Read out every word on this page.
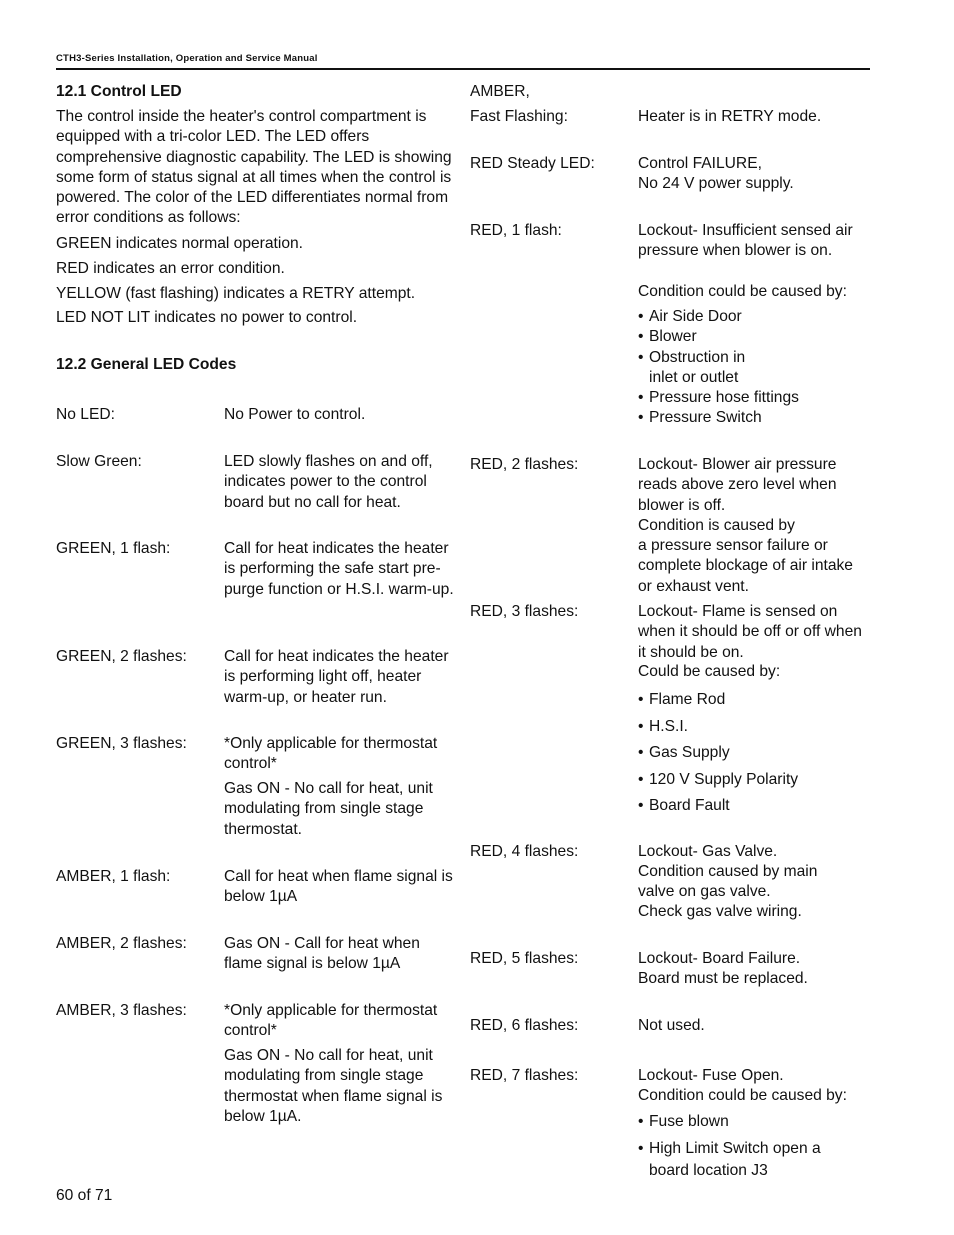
CTH3-Series Installation, Operation and Service Manual
12.1 Control LED
The control inside the heater's control compartment is equipped with a tri-color LED. The LED offers comprehensive diagnostic capability. The LED is showing some form of status signal at all times when the control is powered. The color of the LED differentiates normal from error conditions as follows:
GREEN indicates normal operation.
RED indicates an error condition.
YELLOW (fast flashing) indicates a RETRY attempt.
LED NOT LIT indicates no power to control.
12.2 General LED Codes
No LED:	No Power to control.
Slow Green:	LED slowly flashes on and off, indicates power to the control board but no call for heat.
GREEN, 1 flash:	Call for heat indicates the heater is performing the safe start pre-purge function or H.S.I. warm-up.
GREEN, 2 flashes: Call for heat indicates the heater is performing light off, heater warm-up, or heater run.
GREEN, 3 flashes: *Only applicable for thermostat control*
Gas ON - No call for heat, unit modulating from single stage thermostat.
AMBER, 1 flash:	Call for heat when flame signal is below 1µA
AMBER, 2 flashes: Gas ON - Call for heat when flame signal is below 1µA
AMBER, 3 flashes: *Only applicable for thermostat control*
Gas ON - No call for heat, unit modulating from single stage thermostat when flame signal is below 1µA.
AMBER,
Fast Flashing:	Heater is in RETRY mode.
RED Steady LED:	Control FAILURE,
No 24 V power supply.
RED, 1 flash:	Lockout- Insufficient sensed air pressure when blower is on.
Condition could be caused by:
• Air Side Door
• Blower
• Obstruction in inlet or outlet
• Pressure hose fittings
• Pressure Switch
RED, 2 flashes:	Lockout- Blower air pressure reads above zero level when blower is off.
Condition is caused by
a pressure sensor failure or complete blockage of air intake or exhaust vent.
RED, 3 flashes:	Lockout- Flame is sensed on when it should be off or off when it should be on.
Could be caused by:
• Flame Rod
• H.S.I.
• Gas Supply
• 120 V Supply Polarity
• Board Fault
RED, 4 flashes:	Lockout- Gas Valve.
Condition caused by main valve on gas valve.
Check gas valve wiring.
RED, 5 flashes:	Lockout- Board Failure.
Board must be replaced.
RED, 6 flashes:	Not used.
RED, 7 flashes:	Lockout- Fuse Open.
Condition could be caused by:
• Fuse blown
• High Limit Switch open a board location J3
60 of 71
